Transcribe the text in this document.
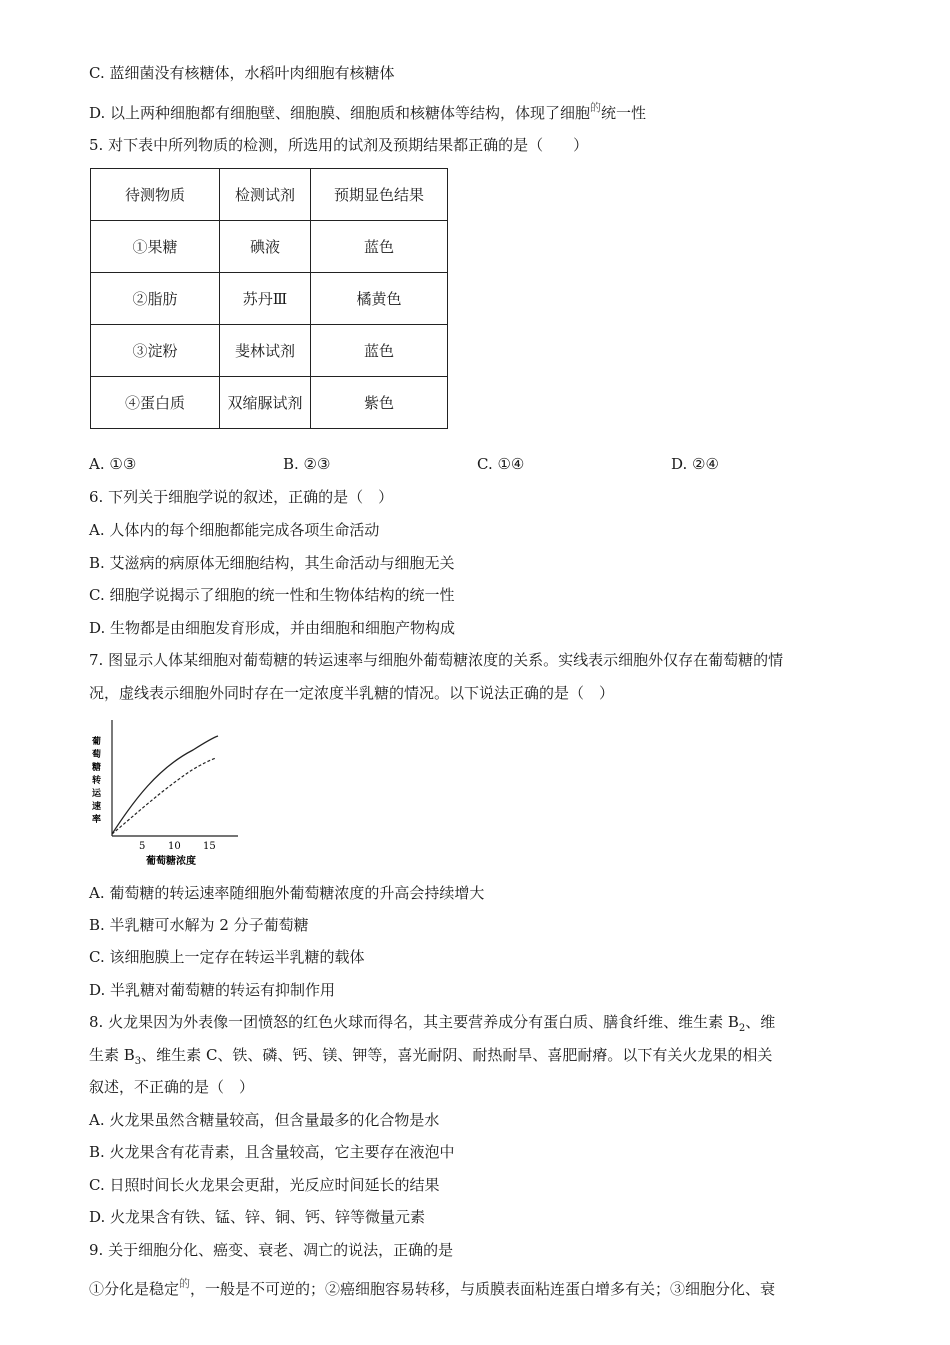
C. 蓝细菌没有核糖体，水稻叶肉细胞有核糖体
D. 以上两种细胞都有细胞壁、细胞膜、细胞质和核糖体等结构，体现了细胞$^的$统一性
5. 对下表中所列物质的检测，所选用的试剂及预期结果都正确的是（　　）
待测物质	检测试剂	预期显色结果
①果糖	碘液	蓝色
②脂肪	苏丹Ⅲ	橘黄色
③淀粉	斐林试剂	蓝色
④蛋白质	双缩脲试剂	紫色
A. ①③	B. ②③	C. ①④	D. ②④
6. 下列关于细胞学说的叙述，正确的是（　）
A. 人体内的每个细胞都能完成各项生命活动
B. 艾滋病的病原体无细胞结构，其生命活动与细胞无关
C. 细胞学说揭示了细胞的统一性和生物体结构的统一性
D. 生物都是由细胞发育形成，并由细胞和细胞产物构成
7. 图显示人体某细胞对葡萄糖的转运速率与细胞外葡萄糖浓度的关系。实线表示细胞外仅存在葡萄糖的情
况，虚线表示细胞外同时存在一定浓度半乳糖的情况。以下说法正确的是（　）
葡
萄
糖
转
运
速
率
5 10 15
葡萄糖浓度
A. 葡萄糖的转运速率随细胞外葡萄糖浓度的升高会持续增大
B. 半乳糖可水解为 2 分子葡萄糖
C. 该细胞膜上一定存在转运半乳糖的载体
D. 半乳糖对葡萄糖的转运有抑制作用
8. 火龙果因为外表像一团愤怒的红色火球而得名，其主要营养成分有蛋白质、膳食纤维、维生素 $B_2$、维
生素 $B_3$、维生素 C、铁、磷、钙、镁、钾等，喜光耐阴、耐热耐旱、喜肥耐瘠。以下有关火龙果的相关
叙述，不正确的是（　）
A. 火龙果虽然含糖量较高，但含量最多的化合物是水
B. 火龙果含有花青素，且含量较高，它主要存在液泡中
C. 日照时间长火龙果会更甜，光反应时间延长的结果
D. 火龙果含有铁、锰、锌、铜、钙、锌等微量元素
9. 关于细胞分化、癌变、衰老、凋亡的说法，正确的是
①分化是稳定$^的$，一般是不可逆的；②癌细胞容易转移，与质膜表面粘连蛋白增多有关；③细胞分化、衰
